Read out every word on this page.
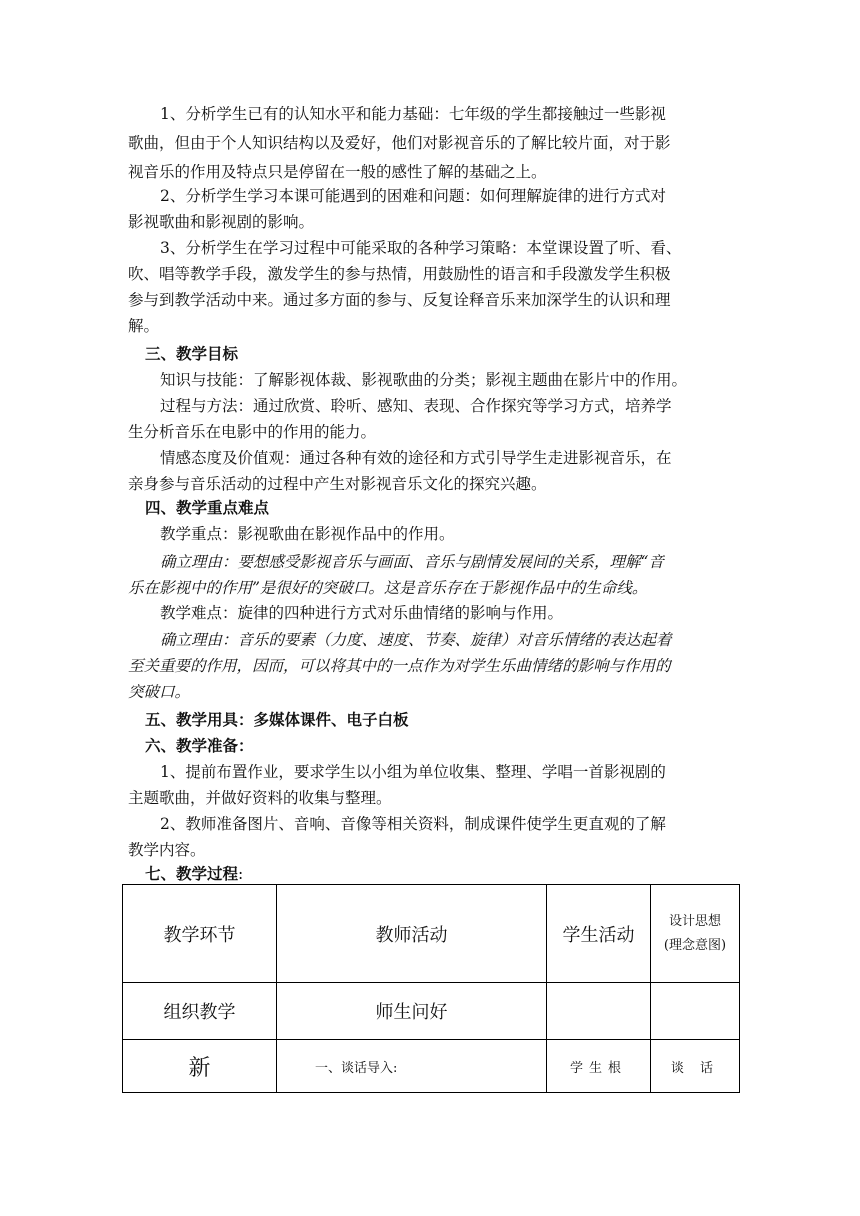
1、分析学生已有的认知水平和能力基础：七年级的学生都接触过一些影视
歌曲，但由于个人知识结构以及爱好，他们对影视音乐的了解比较片面，对于影
视音乐的作用及特点只是停留在一般的感性了解的基础之上。
2、分析学生学习本课可能遇到的困难和问题：如何理解旋律的进行方式对
影视歌曲和影视剧的影响。
3、分析学生在学习过程中可能采取的各种学习策略：本堂课设置了听、看、
吹、唱等教学手段，激发学生的参与热情，用鼓励性的语言和手段激发学生积极
参与到教学活动中来。通过多方面的参与、反复诠释音乐来加深学生的认识和理
解。
三、教学目标
知识与技能：了解影视体裁、影视歌曲的分类；影视主题曲在影片中的作用。
过程与方法：通过欣赏、聆听、感知、表现、合作探究等学习方式，培养学
生分析音乐在电影中的作用的能力。
情感态度及价值观：通过各种有效的途径和方式引导学生走进影视音乐，在
亲身参与音乐活动的过程中产生对影视音乐文化的探究兴趣。
四、教学重点难点
教学重点：影视歌曲在影视作品中的作用。
确立理由：要想感受影视音乐与画面、音乐与剧情发展间的关系，理解“音
乐在影视中的作用”是很好的突破口。这是音乐存在于影视作品中的生命线。
教学难点：旋律的四种进行方式对乐曲情绪的影响与作用。
确立理由：音乐的要素（力度、速度、节奏、旋律）对音乐情绪的表达起着
至关重要的作用，因而，可以将其中的一点作为对学生乐曲情绪的影响与作用的
突破口。
五、教学用具：多媒体课件、电子白板
六、教学准备：
1、提前布置作业，要求学生以小组为单位收集、整理、学唱一首影视剧的
主题歌曲，并做好资料的收集与整理。
2、教师准备图片、音响、音像等相关资料，制成课件使学生更直观的了解
教学内容。
七、教学过程:
教学环节	教师活动	学生活动	设计思想
(理念意图)

组织教学	师生问好		
新	一、谈话导入:	学生根	谈 话
